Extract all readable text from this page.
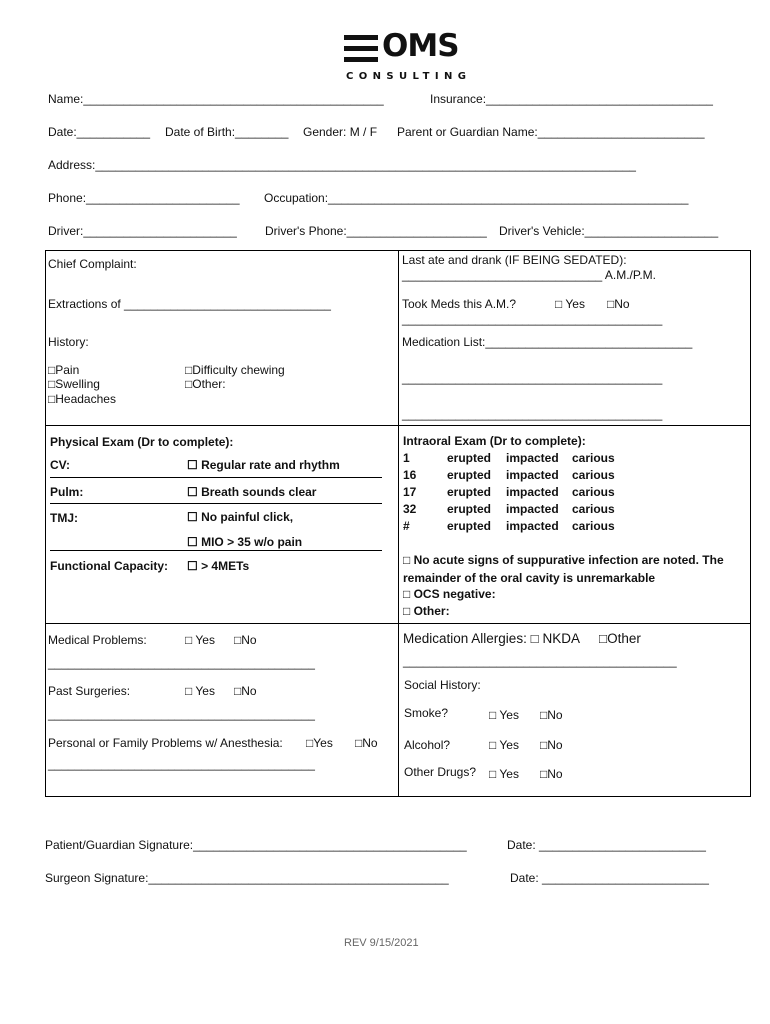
OMS
CONSULTING
Name:_____________________________________________	Insurance:__________________________________
Date:___________ Date of Birth:________ Gender: M / F Parent or Guardian Name:_________________________
Address:_________________________________________________________________________________
Phone:_______________________ Occupation:______________________________________________________
Driver:_______________________ Driver's Phone:_____________________ Driver's Vehicle:____________________
Chief Complaint:
Extractions of _______________________________
History:
□Pain
□Swelling
□Headaches
□Difficulty chewing
□Other:
Last ate and drank (IF BEING SEDATED):
______________________________ A.M./P.M.
Took Meds this A.M.?	□ Yes □No
_______________________________________
Medication List:_______________________________
_______________________________________
_______________________________________
Physical Exam (Dr to complete):
CV:	☐ Regular rate and rhythm
Pulm:	☐ Breath sounds clear
TMJ:	☐ No painful click,
☐ MIO > 35 w/o pain
Functional Capacity: ☐ > 4METs
Intraoral Exam (Dr to complete):
1	erupted impacted carious
16	erupted impacted carious
17	erupted impacted carious
32	erupted impacted carious
#	erupted impacted carious
□ No acute signs of suppurative infection are noted. The
remainder of the oral cavity is unremarkable
□ OCS negative:
□ Other:
Medical Problems:	□ Yes □No
________________________________________
Past Surgeries:	□ Yes □No
________________________________________
Personal or Family Problems w/ Anesthesia: □Yes □No
________________________________________
Medication Allergies: □ NKDA □Other
_________________________________________
Social History:
Smoke?	□ Yes □No
Alcohol?	□ Yes □No
Other Drugs? □ Yes □No
Patient/Guardian Signature:_________________________________________	Date: _________________________
Surgeon Signature:_____________________________________________	Date: _________________________
REV 9/15/2021
